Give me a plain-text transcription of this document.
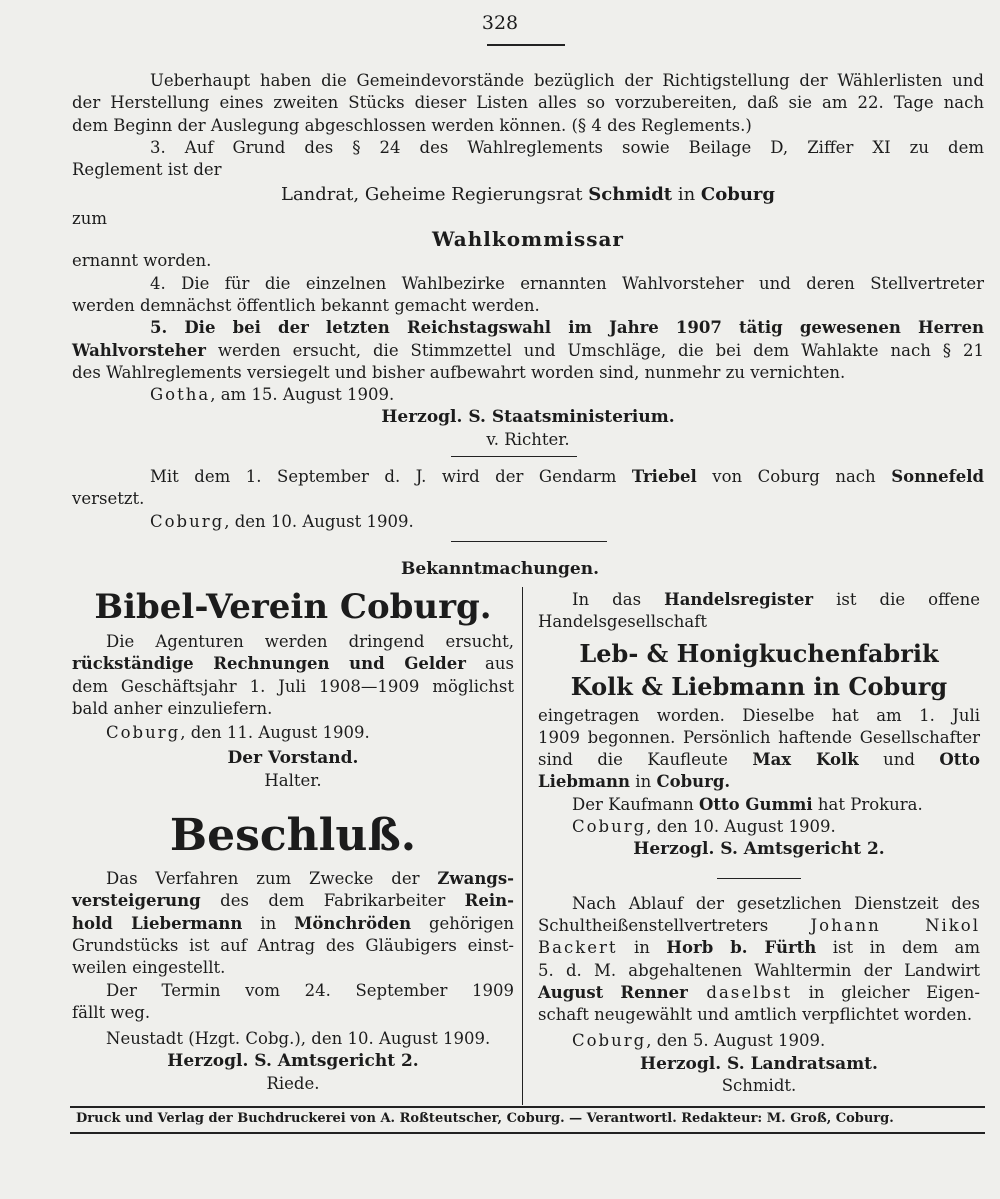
328
Ueberhaupt haben die Gemeindevorstände bezüglich der Richtigstellung der Wählerlisten und
der Herstellung eines zweiten Stücks dieser Listen alles so vorzubereiten, daß sie am 22. Tage nach
dem Beginn der Auslegung abgeschlossen werden können. (§ 4 des Reglements.)
3. Auf Grund des § 24 des Wahlreglements sowie Beilage D, Ziffer XI zu dem
Reglement ist der
Landrat, Geheime Regierungsrat Schmidt in Coburg
zum
Wahlkommissar
ernannt worden.
4. Die für die einzelnen Wahlbezirke ernannten Wahlvorsteher und deren Stellvertreter
werden demnächst öffentlich bekannt gemacht werden.
5. Die bei der letzten Reichstagswahl im Jahre 1907 tätig gewesenen Herren
Wahlvorsteher werden ersucht, die Stimmzettel und Umschläge, die bei dem Wahlakte nach § 21
des Wahlreglements versiegelt und bisher aufbewahrt worden sind, nunmehr zu vernichten.
Gotha, am 15. August 1909.
Herzogl. S. Staatsministerium.
v. Richter.
Mit dem 1. September d. J. wird der Gendarm Triebel von Coburg nach Sonnefeld
versetzt.
Coburg, den 10. August 1909.
Bekanntmachungen.
Bibel-Verein Coburg.
Die Agenturen werden dringend ersucht,
rückständige Rechnungen und Gelder aus
dem Geschäftsjahr 1. Juli 1908—1909 möglichst
bald anher einzuliefern.
Coburg, den 11. August 1909.
Der Vorstand.
Halter.
Beschluß.
Das Verfahren zum Zwecke der Zwangs-
versteigerung des dem Fabrikarbeiter Rein-
hold Liebermann in Mönchröden gehörigen
Grundstücks ist auf Antrag des Gläubigers einst-
weilen eingestellt.
Der Termin vom 24. September 1909
fällt weg.
Neustadt (Hzgt. Cobg.), den 10. August 1909.
Herzogl. S. Amtsgericht 2.
Riede.
In das Handelsregister ist die offene
Handelsgesellschaft
Leb- & Honigkuchenfabrik
Kolk & Liebmann in Coburg
eingetragen worden. Dieselbe hat am 1. Juli
1909 begonnen. Persönlich haftende Gesellschafter
sind die Kaufleute Max Kolk und Otto
Liebmann in Coburg.
Der Kaufmann Otto Gummi hat Prokura.
Coburg, den 10. August 1909.
Herzogl. S. Amtsgericht 2.
Nach Ablauf der gesetzlichen Dienstzeit des
Schultheißenstellvertreters Johann Nikol
Backert in Horb b. Fürth ist in dem am
5. d. M. abgehaltenen Wahltermin der Landwirt
August Renner daselbst in gleicher Eigen-
schaft neugewählt und amtlich verpflichtet worden.
Coburg, den 5. August 1909.
Herzogl. S. Landratsamt.
Schmidt.
Druck und Verlag der Buchdruckerei von A. Roßteutscher, Coburg. — Verantwortl. Redakteur: M. Groß, Coburg.
